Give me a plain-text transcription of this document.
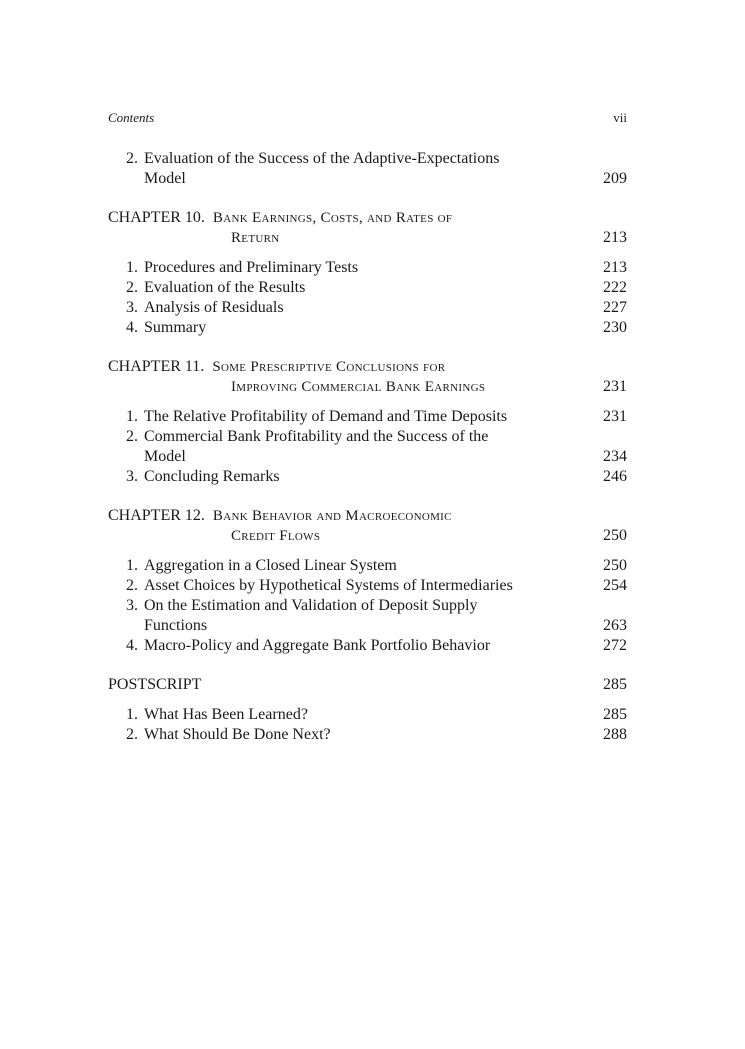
Contents	vii
2. Evaluation of the Success of the Adaptive-Expectations
Model	209
CHAPTER 10. Bank Earnings, Costs, and Rates of
Return	213
1. Procedures and Preliminary Tests	213
2. Evaluation of the Results	222
3. Analysis of Residuals	227
4. Summary	230
CHAPTER 11. Some Prescriptive Conclusions for
Improving Commercial Bank Earnings	231
1. The Relative Profitability of Demand and Time Deposits	231
2. Commercial Bank Profitability and the Success of the
Model	234
3. Concluding Remarks	246
CHAPTER 12. Bank Behavior and Macroeconomic
Credit Flows	250
1. Aggregation in a Closed Linear System	250
2. Asset Choices by Hypothetical Systems of Intermediaries	254
3. On the Estimation and Validation of Deposit Supply
Functions	263
4. Macro-Policy and Aggregate Bank Portfolio Behavior	272
POSTSCRIPT	285
1. What Has Been Learned?	285
2. What Should Be Done Next?	288
